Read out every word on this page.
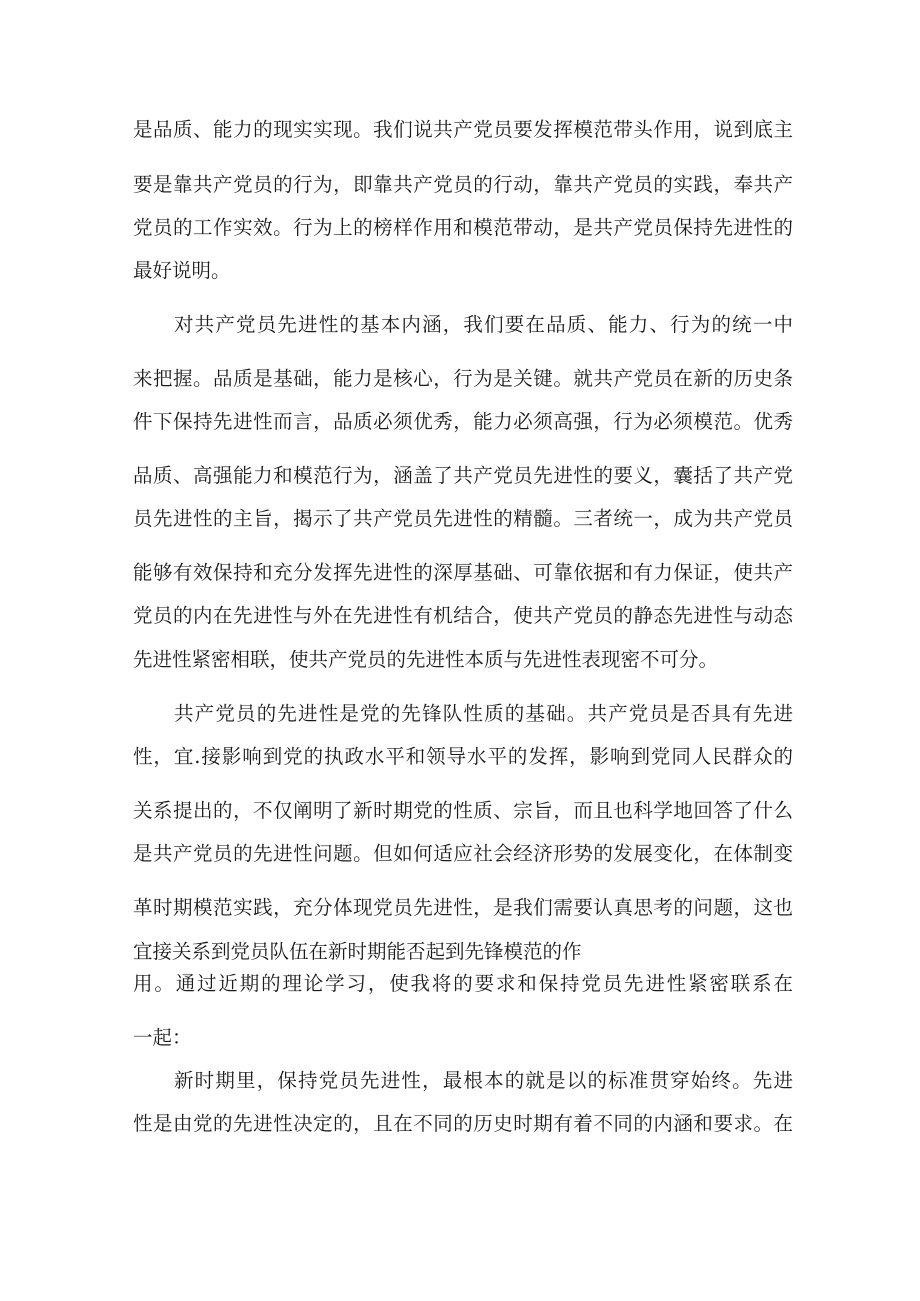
是品质、能力的现实实现。我们说共产党员要发挥模范带头作用，说到底主

要是靠共产党员的行为，即靠共产党员的行动，靠共产党员的实践，奉共产

党员的工作实效。行为上的榜样作用和模范带动，是共产党员保持先进性的

最好说明。

对共产党员先进性的基本内涵，我们要在品质、能力、行为的统一中

来把握。品质是基础，能力是核心，行为是关键。就共产党员在新的历史条

件下保持先进性而言，品质必须优秀，能力必须高强，行为必须模范。优秀

品质、高强能力和模范行为，涵盖了共产党员先进性的要义，囊括了共产党

员先进性的主旨，揭示了共产党员先进性的精髓。三者统一，成为共产党员

能够有效保持和充分发挥先进性的深厚基础、可靠依据和有力保证，使共产

党员的内在先进性与外在先进性有机结合，使共产党员的静态先进性与动态

先进性紧密相联，使共产党员的先进性本质与先进性表现密不可分。

共产党员的先进性是党的先锋队性质的基础。共产党员是否具有先进

性，宜.接影响到党的执政水平和领导水平的发挥，影响到党同人民群众的

关系提出的，不仅阐明了新时期党的性质、宗旨，而且也科学地回答了什么

是共产党员的先进性问题。但如何适应社会经济形势的发展变化，在体制变

革时期模范实践，充分体现党员先进性，是我们需要认真思考的问题，这也

宜接关系到党员队伍在新时期能否起到先锋模范的作

用。通过近期的理论学习，使我将的要求和保持党员先进性紧密联系在

一起：

新时期里，保持党员先进性，最根本的就是以的标准贯穿始终。先进

性是由党的先进性决定的，且在不同的历史时期有着不同的内涵和要求。在
